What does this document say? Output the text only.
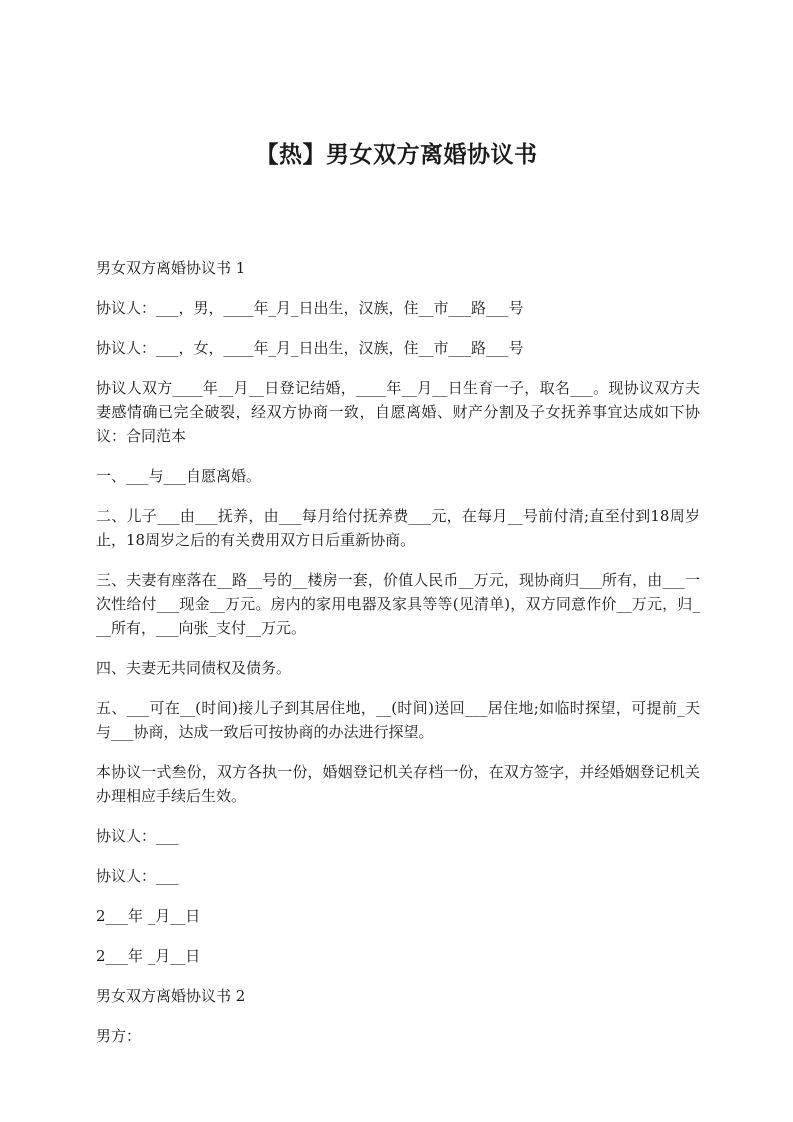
【热】男女双方离婚协议书

男女双方离婚协议书 1

协议人：___，男，____年_月_日出生，汉族，住__市___路___号

协议人：___，女，____年_月_日出生，汉族，住__市___路___号

协议人双方____年__月__日登记结婚，____年__月__日生育一子，取名___。现协议双方夫妻感情确已完全破裂，经双方协商一致，自愿离婚、财产分割及子女抚养事宜达成如下协议：合同范本

一、___与___自愿离婚。

二、儿子___由___抚养，由___每月给付抚养费___元，在每月__号前付清;直至付到18周岁止，18周岁之后的有关费用双方日后重新协商。

三、夫妻有座落在__路__号的__楼房一套，价值人民币__万元，现协商归___所有，由___一次性给付___现金__万元。房内的家用电器及家具等等(见清单)，双方同意作价__万元，归___所有，___向张_支付__万元。

四、夫妻无共同债权及债务。

五、___可在__(时间)接儿子到其居住地，__(时间)送回___居住地;如临时探望，可提前_天与___协商，达成一致后可按协商的办法进行探望。

本协议一式叁份，双方各执一份，婚姻登记机关存档一份，在双方签字，并经婚姻登记机关办理相应手续后生效。

协议人：___

协议人：___

2___年 _月__日

2___年 _月__日

男女双方离婚协议书 2

男方：
